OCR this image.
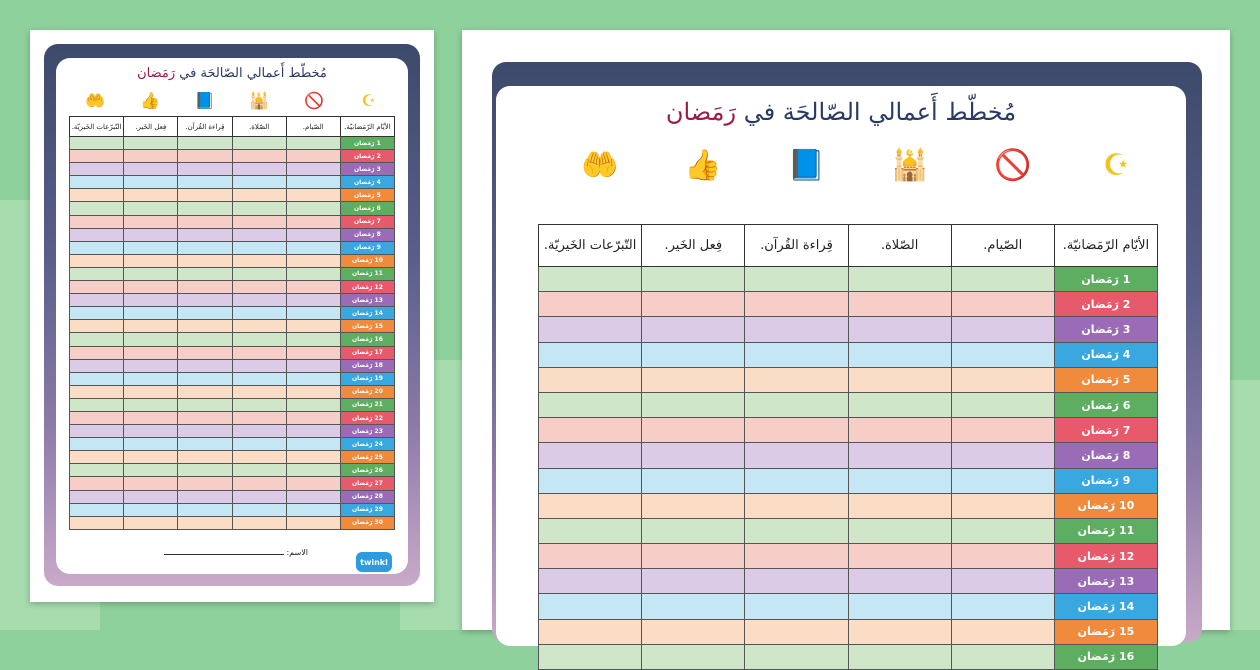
مُخطّط أَعمالي الصّالحَة في رَمَضان
☪
🚫
🕌
📘
👍
🤲
الأيّام الرّمَضانيّة.	الصّيام.	الصّلاة.	قِراءة القُرآن.	فِعل الخَير.	التّبرّعات الخَيريّة.
1 رَمَضان					
2 رَمَضان					
3 رَمَضان					
4 رَمَضان					
5 رَمَضان					
6 رَمَضان					
7 رَمَضان					
8 رَمَضان					
9 رَمَضان					
10 رَمَضان					
11 رَمَضان					
12 رَمَضان					
13 رَمَضان					
14 رَمَضان					
15 رَمَضان					
16 رَمَضان					
17 رَمَضان					
18 رَمَضان					
19 رَمَضان					
20 رَمَضان					
21 رَمَضان					
22 رَمَضان					
23 رَمَضان					
24 رَمَضان					
25 رَمَضان					
26 رَمَضان					
27 رَمَضان					
28 رَمَضان					
29 رَمَضان					
30 رَمَضان					
الاسم:
twinkl
مُخطّط أَعمالي الصّالحَة في رَمَضان
☪
🚫
🕌
📘
👍
🤲
الأيّام الرّمَضانيّة.	الصّيام.	الصّلاة.	قِراءة القُرآن.	فِعل الخَير.	التّبرّعات الخَيريّة.
1 رَمَضان					
2 رَمَضان					
3 رَمَضان					
4 رَمَضان					
5 رَمَضان					
6 رَمَضان					
7 رَمَضان					
8 رَمَضان					
9 رَمَضان					
10 رَمَضان					
11 رَمَضان					
12 رَمَضان					
13 رَمَضان					
14 رَمَضان					
15 رَمَضان					
16 رَمَضان					
